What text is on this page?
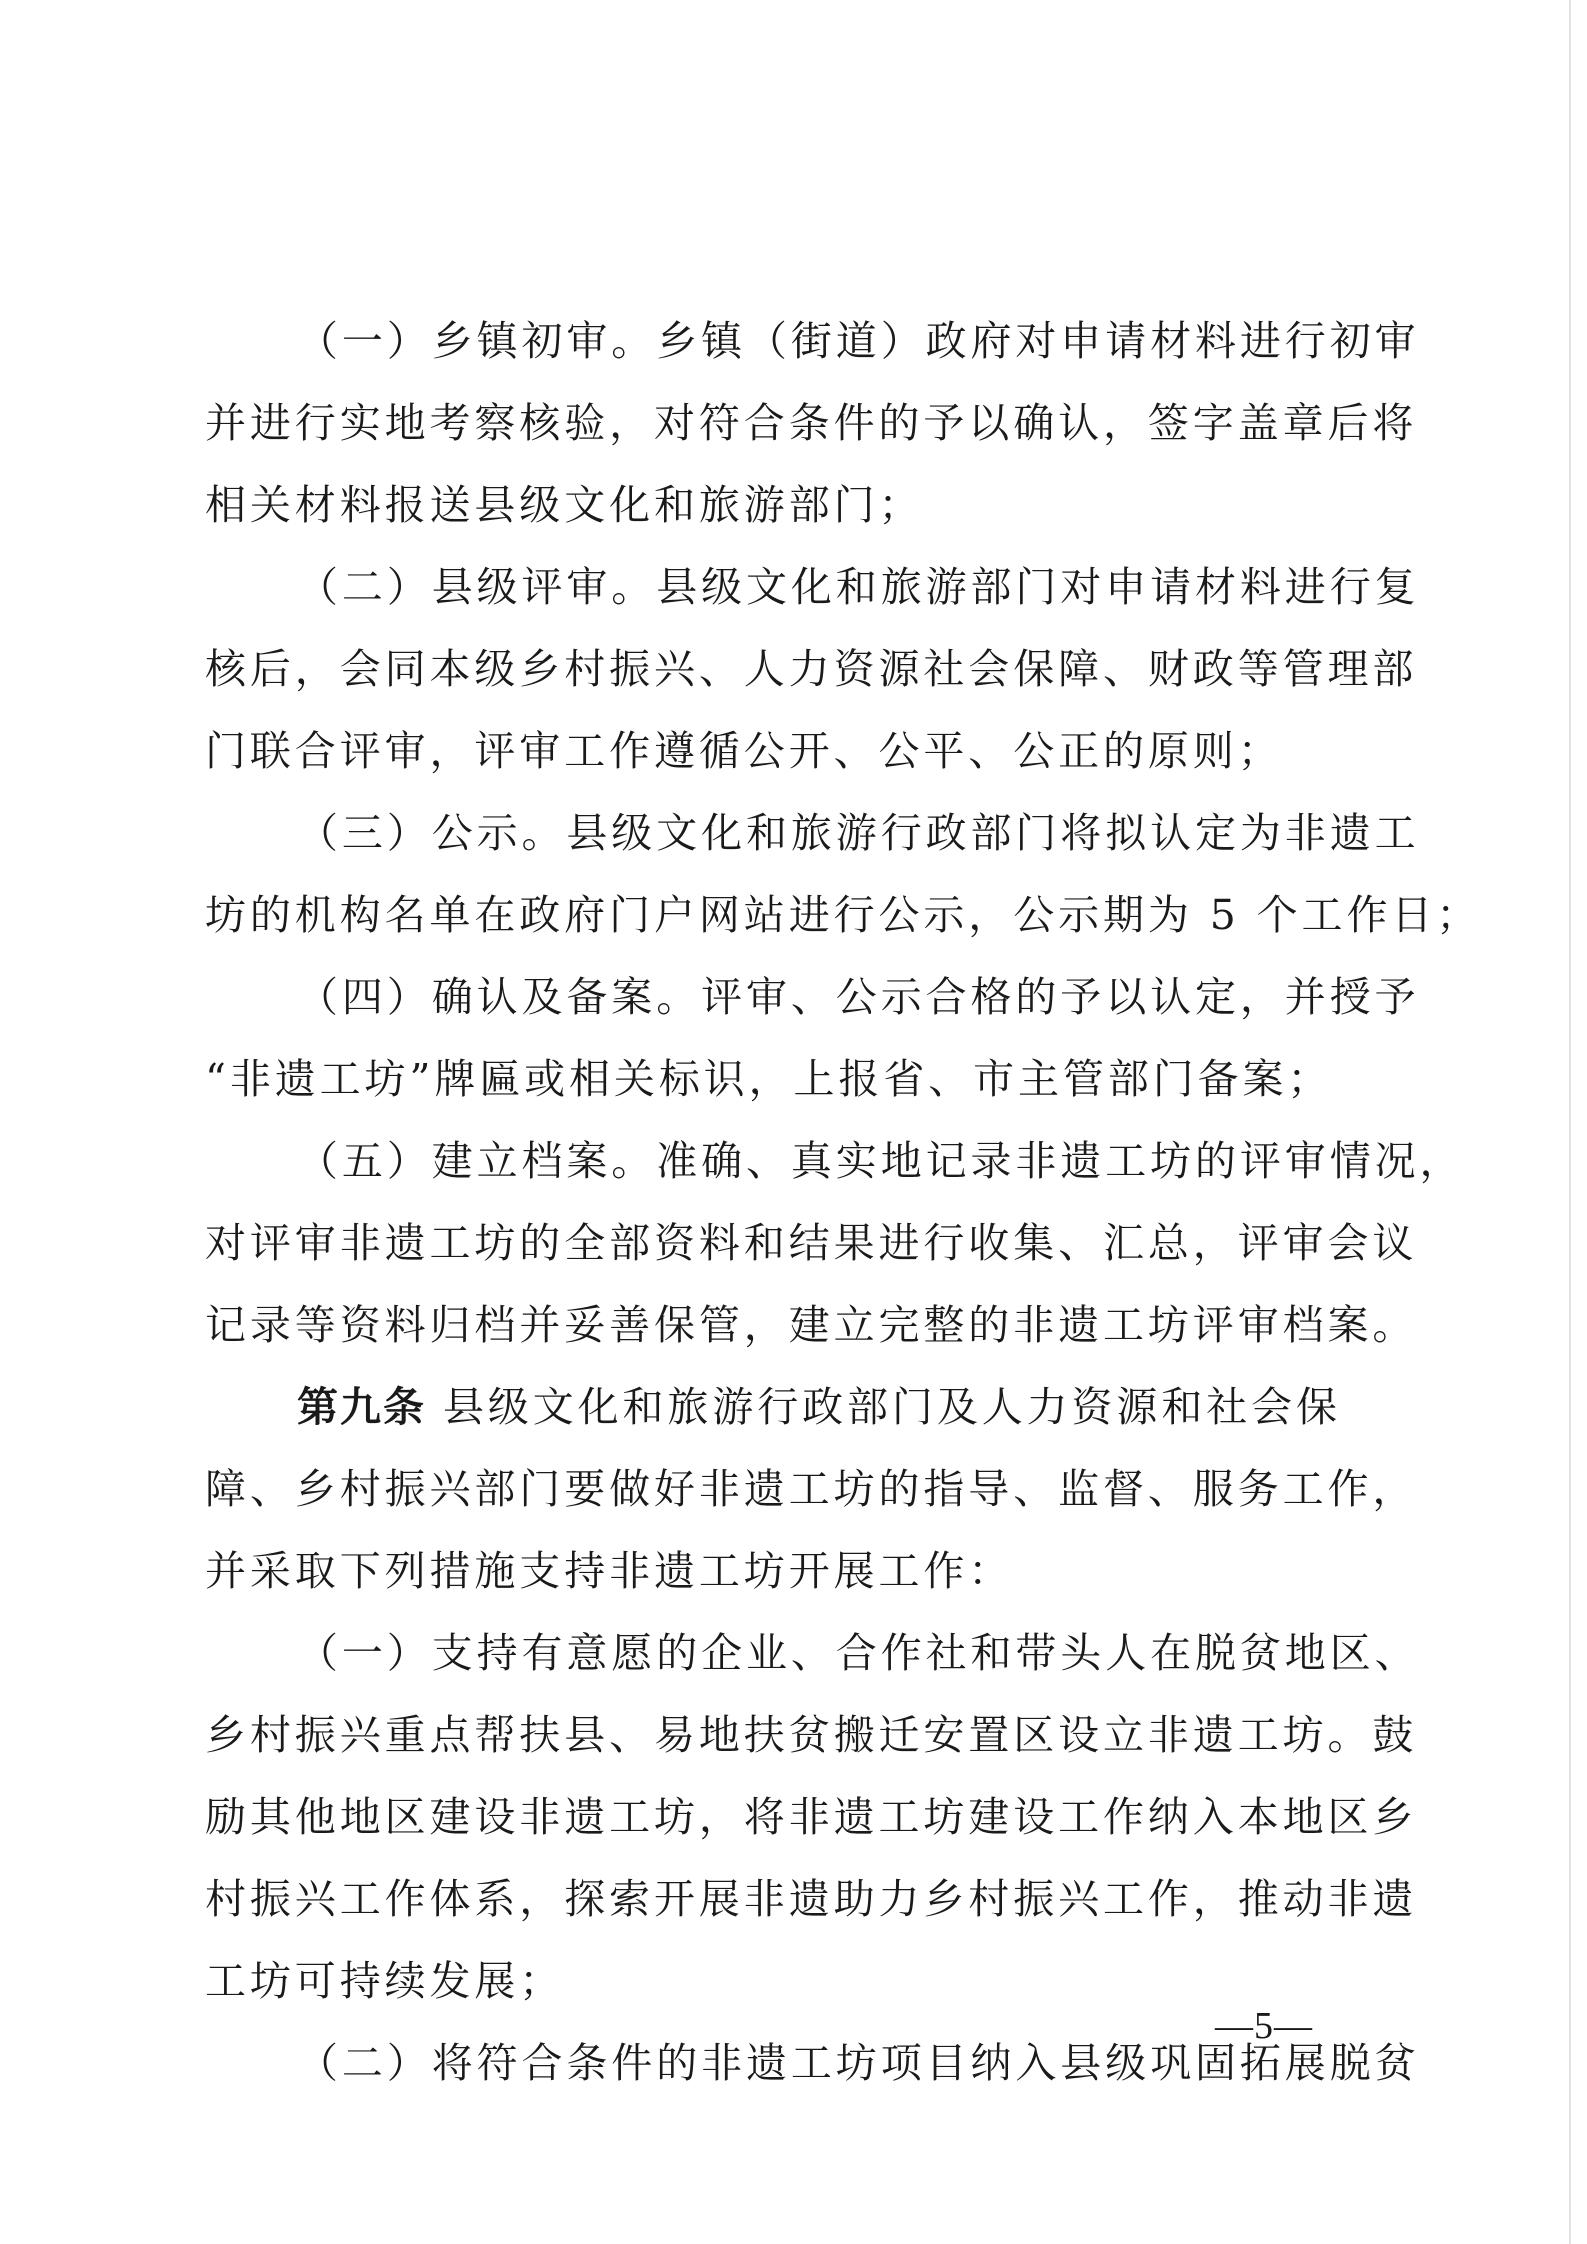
（一）乡镇初审。乡镇（街道）政府对申请材料进行初审
并进行实地考察核验，对符合条件的予以确认，签字盖章后将
相关材料报送县级文化和旅游部门；

（二）县级评审。县级文化和旅游部门对申请材料进行复
核后，会同本级乡村振兴、人力资源社会保障、财政等管理部
门联合评审，评审工作遵循公开、公平、公正的原则；

（三）公示。县级文化和旅游行政部门将拟认定为非遗工
坊的机构名单在政府门户网站进行公示，公示期为 5 个工作日；

（四）确认及备案。评审、公示合格的予以认定，并授予
“非遗工坊”牌匾或相关标识，上报省、市主管部门备案；

（五）建立档案。准确、真实地记录非遗工坊的评审情况，
对评审非遗工坊的全部资料和结果进行收集、汇总，评审会议
记录等资料归档并妥善保管，建立完整的非遗工坊评审档案。

第九条 县级文化和旅游行政部门及人力资源和社会保
障、乡村振兴部门要做好非遗工坊的指导、监督、服务工作，
并采取下列措施支持非遗工坊开展工作：

（一）支持有意愿的企业、合作社和带头人在脱贫地区、
乡村振兴重点帮扶县、易地扶贫搬迁安置区设立非遗工坊。鼓
励其他地区建设非遗工坊，将非遗工坊建设工作纳入本地区乡
村振兴工作体系，探索开展非遗助力乡村振兴工作，推动非遗
工坊可持续发展；

（二）将符合条件的非遗工坊项目纳入县级巩固拓展脱贫

—5—
